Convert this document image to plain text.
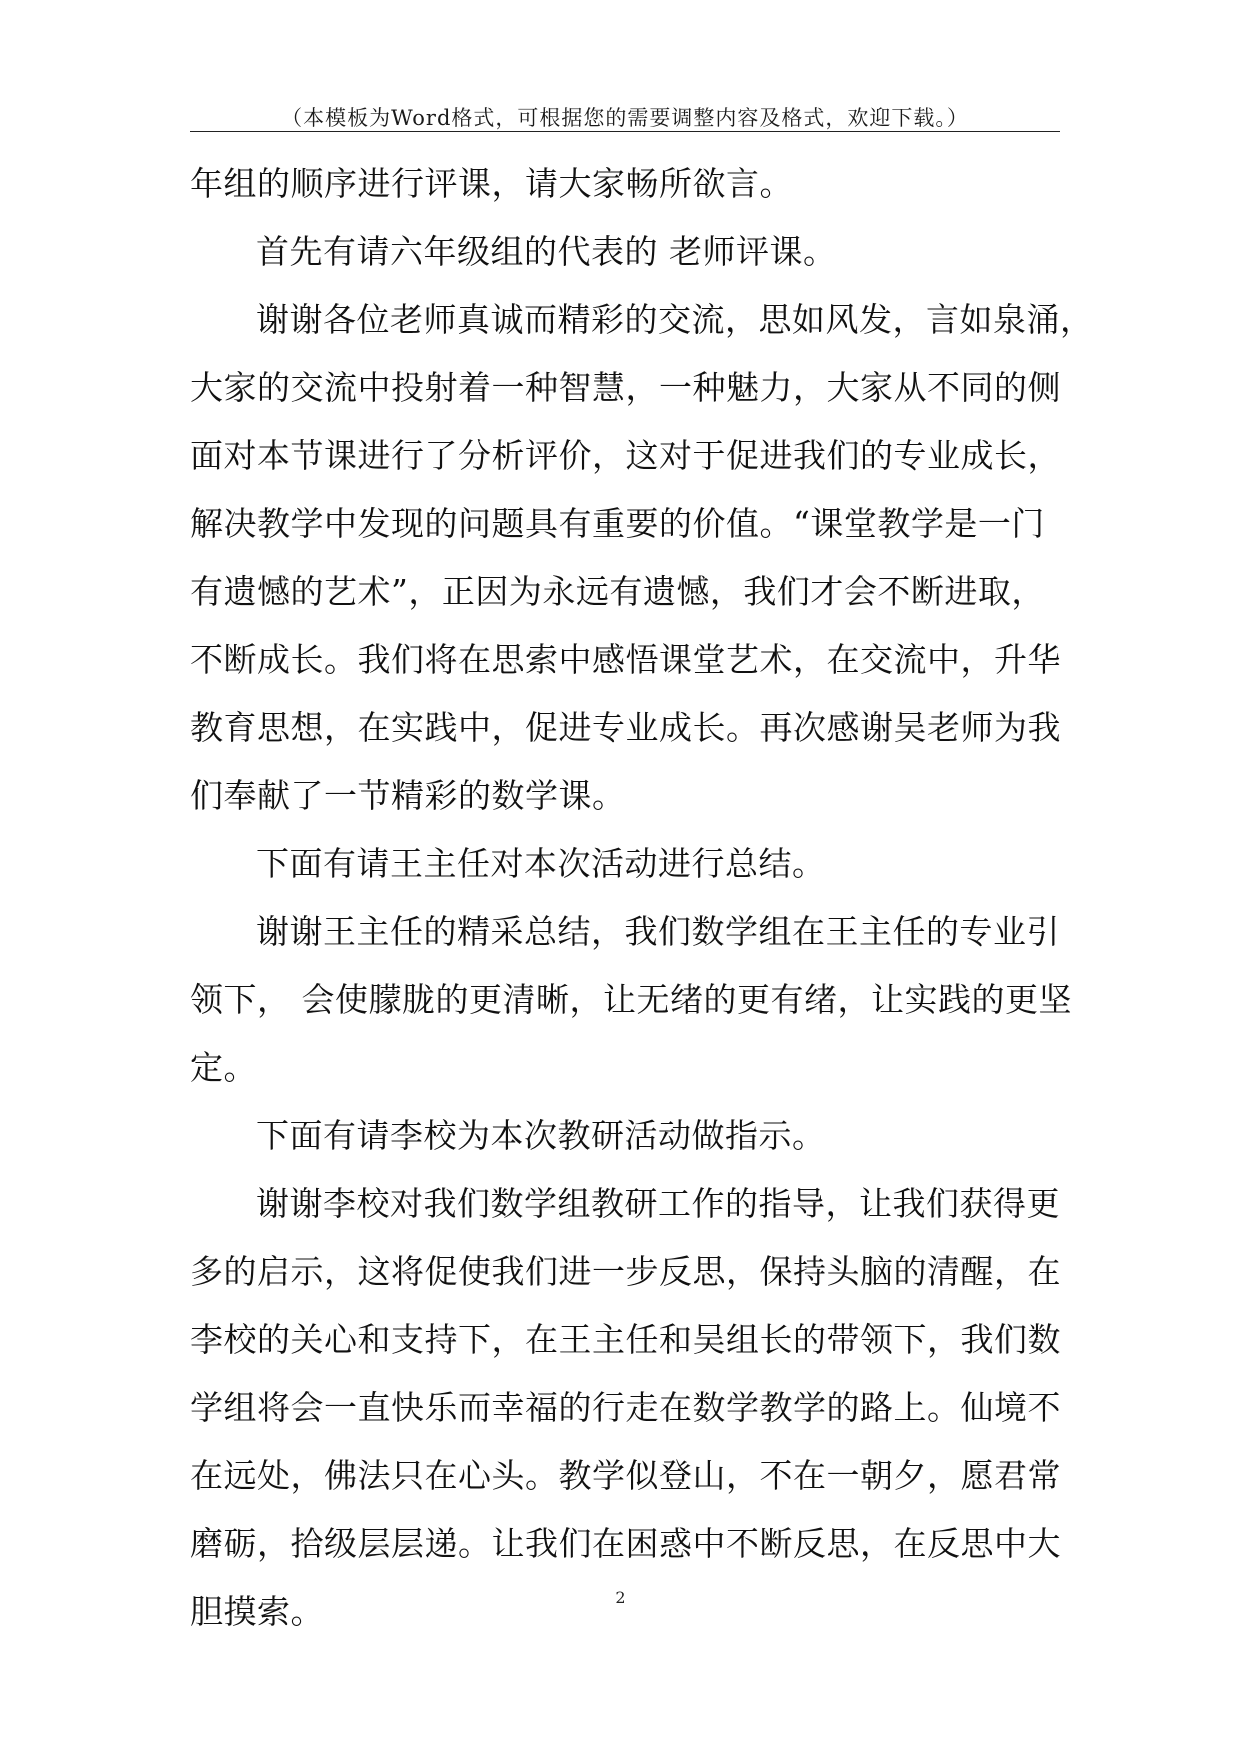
（本模板为Word格式，可根据您的需要调整内容及格式，欢迎下载。）
年组的顺序进行评课，请大家畅所欲言。
首先有请六年级组的代表的 老师评课。
谢谢各位老师真诚而精彩的交流，思如风发，言如泉涌，
大家的交流中投射着一种智慧，一种魅力，大家从不同的侧
面对本节课进行了分析评价，这对于促进我们的专业成长，
解决教学中发现的问题具有重要的价值。“课堂教学是一门
有遗憾的艺术”，正因为永远有遗憾，我们才会不断进取，
不断成长。我们将在思索中感悟课堂艺术，在交流中，升华
教育思想，在实践中，促进专业成长。再次感谢吴老师为我
们奉献了一节精彩的数学课。
下面有请王主任对本次活动进行总结。
谢谢王主任的精采总结，我们数学组在王主任的专业引
领下， 会使朦胧的更清晰，让无绪的更有绪，让实践的更坚
定。
下面有请李校为本次教研活动做指示。
谢谢李校对我们数学组教研工作的指导，让我们获得更
多的启示，这将促使我们进一步反思，保持头脑的清醒，在
李校的关心和支持下，在王主任和吴组长的带领下，我们数
学组将会一直快乐而幸福的行走在数学教学的路上。仙境不
在远处，佛法只在心头。教学似登山，不在一朝夕，愿君常
磨砺，拾级层层递。让我们在困惑中不断反思，在反思中大
胆摸索。	2
